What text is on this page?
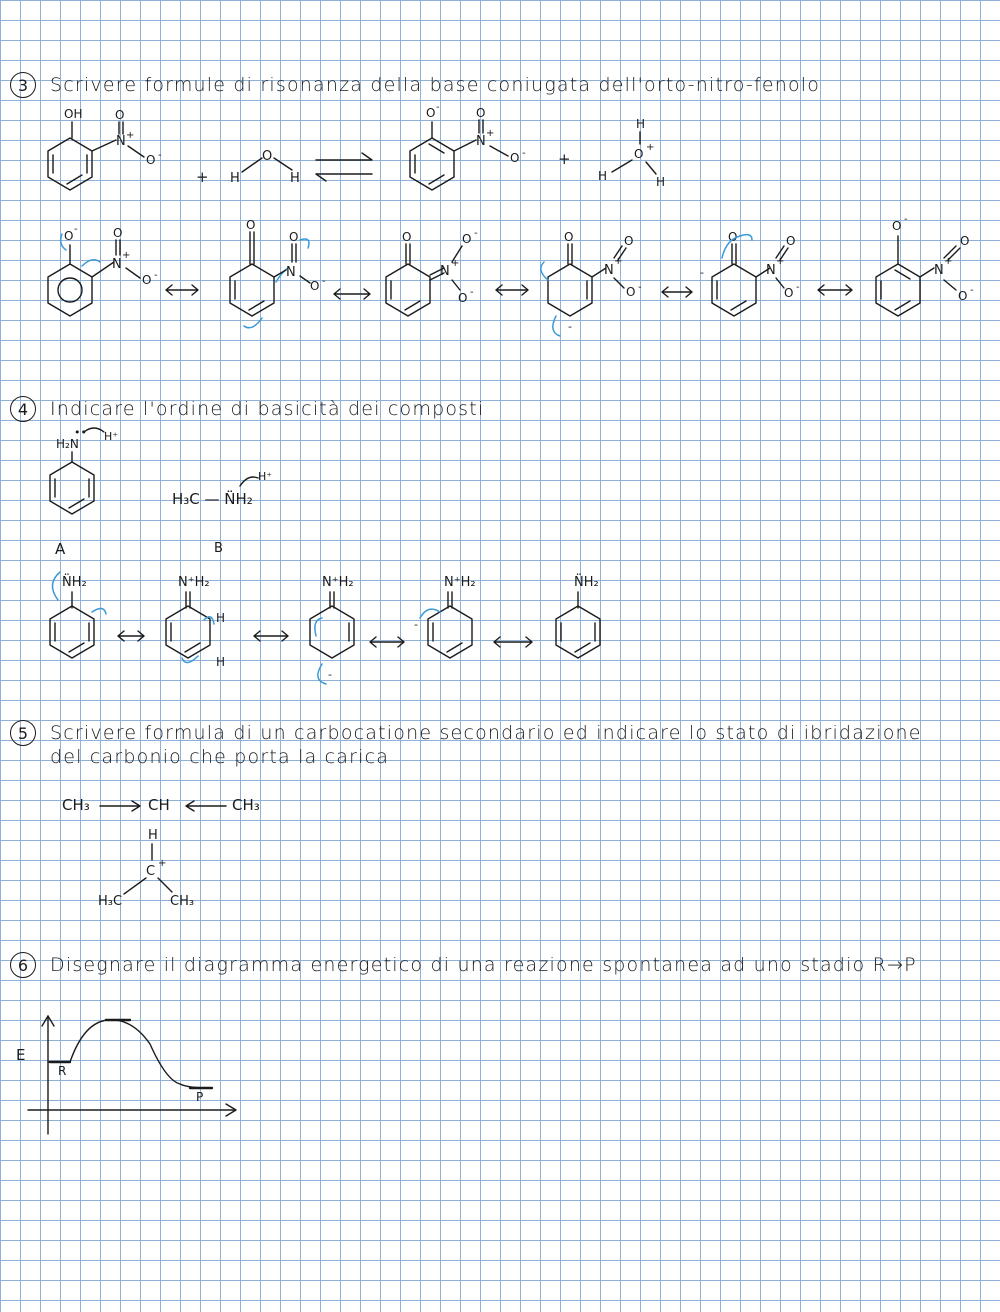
3	Scrivere formule di risonanza della base coniugata dell'orto-nitro-fenolo
4	Indicare l'ordine di basicità dei composti
A	B
H₃C — N̈H₂
5	Scrivere formula di un carbocatione secondario ed indicare lo stato di ibridazione
del carbonio che porta la carica
CH₃	CH	CH₃
H
C
H₃C	CH₃
6	Disegnare il diagramma energetico di una reazione spontanea ad uno stadio R→P
E
R
P
OH
N +
O
O -
+ H
O
H
O -
N
+
O
O - +
H
O +
H	H
O -
N
+
O
O -
O
N
O
O -
O
N
+
O -
O -
O
-
N
+
O
O -
O
-	N
+
O
O -
O -
N
+
O
O -
H₂N
•• H⁺
H⁺
N̈H₂	N⁺H₂
H
H
N⁺H₂
-
N⁺H₂
-
N̈H₂
+
